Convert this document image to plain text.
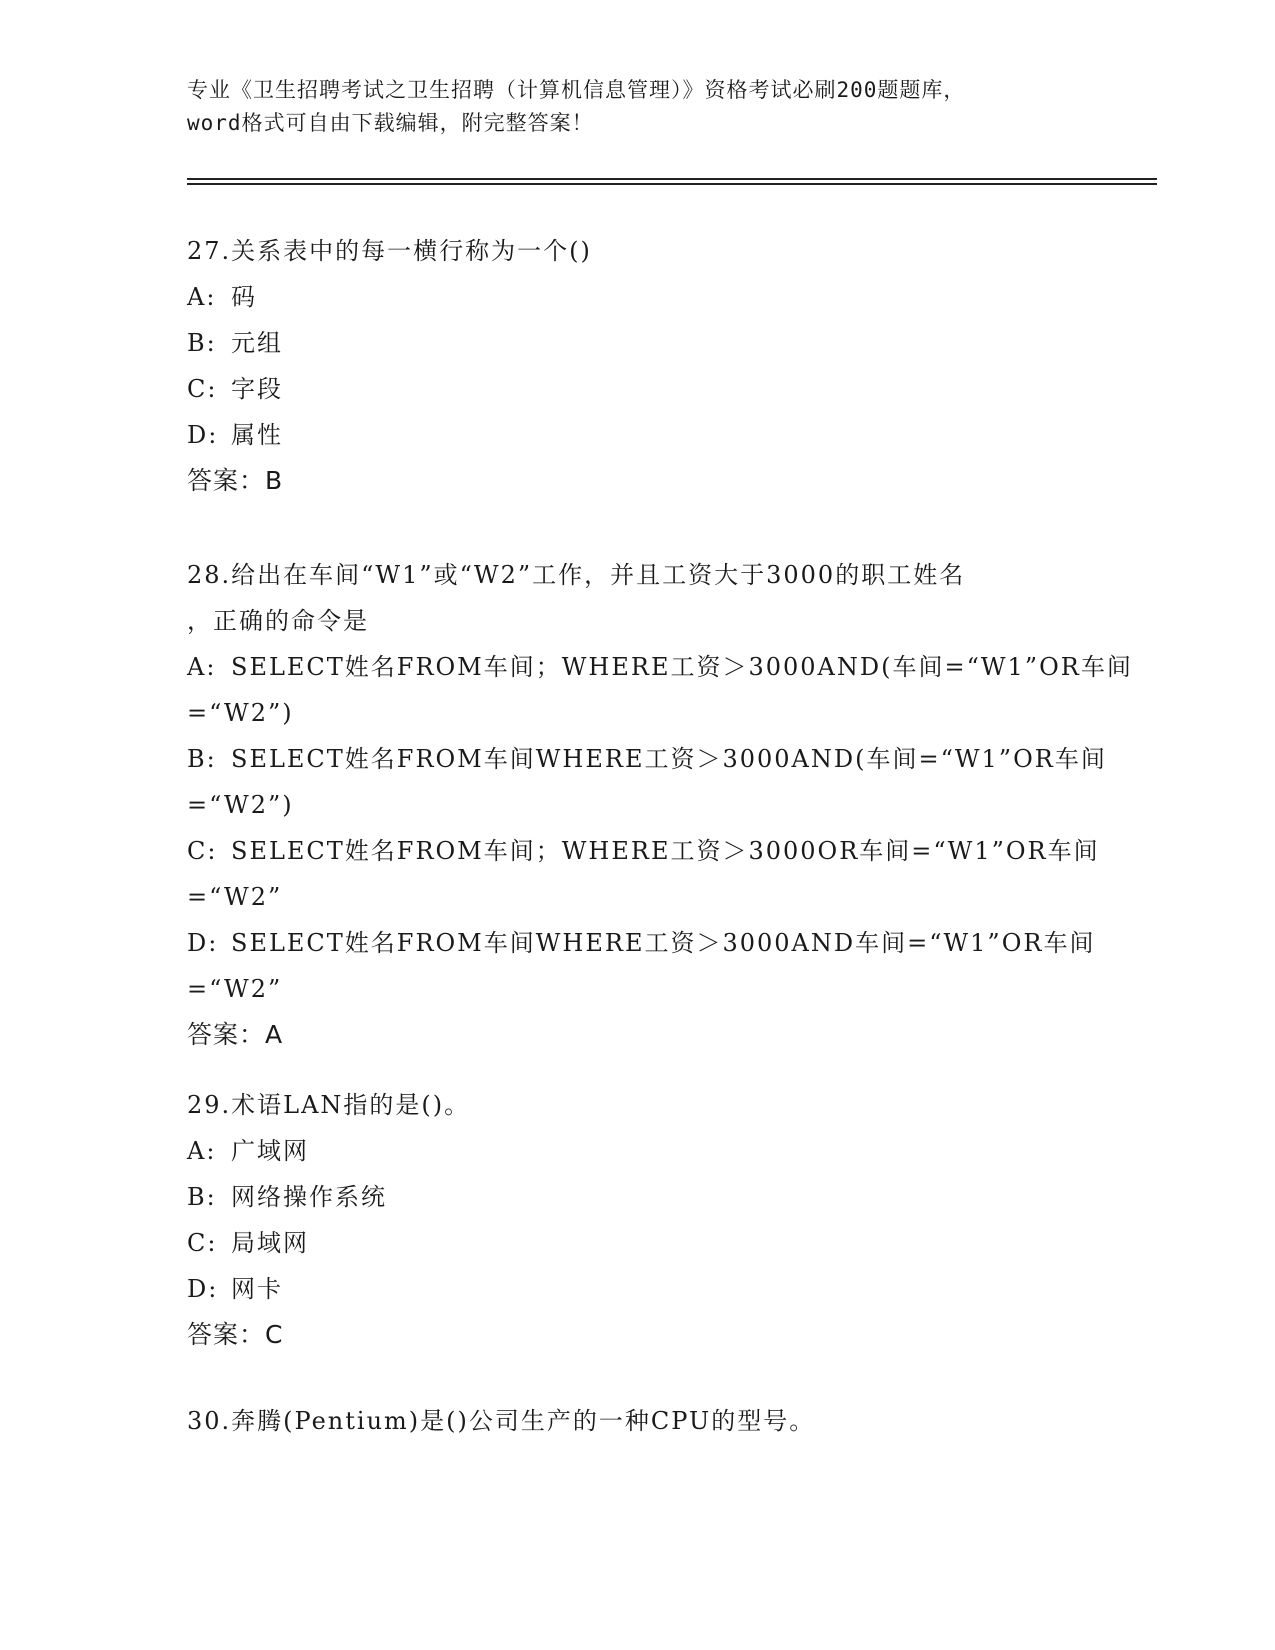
专业《卫生招聘考试之卫生招聘（计算机信息管理）》资格考试必刷200题题库，
word格式可自由下载编辑，附完整答案！
27.关系表中的每一横行称为一个()
A: 码
B: 元组
C: 字段
D: 属性
答案：B
28.给出在车间“W1”或“W2”工作，并且工资大于3000的职工姓名
，正确的命令是
A: SELECT姓名FROM车间；WHERE工资＞3000AND(车间=“W1”OR车间
=“W2”)
B: SELECT姓名FROM车间WHERE工资＞3000AND(车间=“W1”OR车间
=“W2”)
C: SELECT姓名FROM车间；WHERE工资＞3000OR车间=“W1”OR车间
=“W2”
D: SELECT姓名FROM车间WHERE工资＞3000AND车间=“W1”OR车间
=“W2”
答案：A
29.术语LAN指的是()。
A: 广域网
B: 网络操作系统
C: 局域网
D: 网卡
答案：C
30.奔腾(Pentium)是()公司生产的一种CPU的型号。
